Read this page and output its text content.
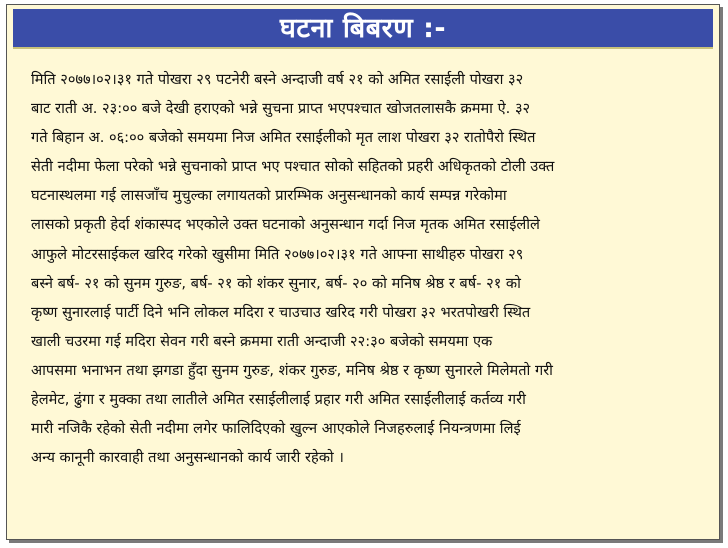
घटना बिबरण :-
मिति २०७७।०२।३१ गते पोखरा २९ पटनेरी बस्ने अन्दाजी वर्ष २१ को अमित रसाईली पोखरा ३२
बाट राती अ. २३:०० बजे देखी हराएको भन्ने सुचना प्राप्त भएपश्चात खोजतलासकै क्रममा ऐ. ३२
गते बिहान अ. ०६:०० बजेको समयमा निज अमित रसाईलीको मृत लाश पोखरा ३२ रातोपैरो स्थित
सेती नदीमा फेला परेको भन्ने सुचनाको प्राप्त भए पश्चात सोको सहितको प्रहरी अधिकृतको टोली उक्त
घटनास्थलमा गई लासजाँच मुचुल्का लगायतको प्रारम्भिक अनुसन्धानको कार्य सम्पन्न गरेकोमा
लासको प्रकृती हेर्दा शंकास्पद भएकोले उक्त घटनाको अनुसन्धान गर्दा निज मृतक अमित रसाईलीले
आफुले मोटरसाईकल खरिद गरेको खुसीमा मिति २०७७।०२।३१ गते आफ्ना साथीहरु पोखरा २९
बस्ने बर्ष- २१ को सुनम गुरुङ, बर्ष- २१ को शंकर सुनार, बर्ष- २० को मनिष श्रेष्ठ र बर्ष- २१ को
कृष्ण सुनारलाई पार्टी दिने भनि लोकल मदिरा र चाउचाउ खरिद गरी पोखरा ३२ भरतपोखरी स्थित
खाली चउरमा गई मदिरा सेवन गरी बस्ने क्रममा राती अन्दाजी २२:३० बजेको समयमा एक
आपसमा भनाभन तथा झगडा हुँदा सुनम गुरुङ, शंकर गुरुङ, मनिष श्रेष्ठ र कृष्ण सुनारले मिलेमतो गरी
हेलमेट, ढुंगा र मुक्का तथा लातीले अमित रसाईलीलाई प्रहार गरी अमित रसाईलीलाई कर्तव्य गरी
मारी नजिकै रहेको सेती नदीमा लगेर फालिदिएको खुल्न आएकोले निजहरुलाई नियन्त्रणमा लिई
अन्य कानूनी कारवाही तथा अनुसन्धानको कार्य जारी रहेको ।
